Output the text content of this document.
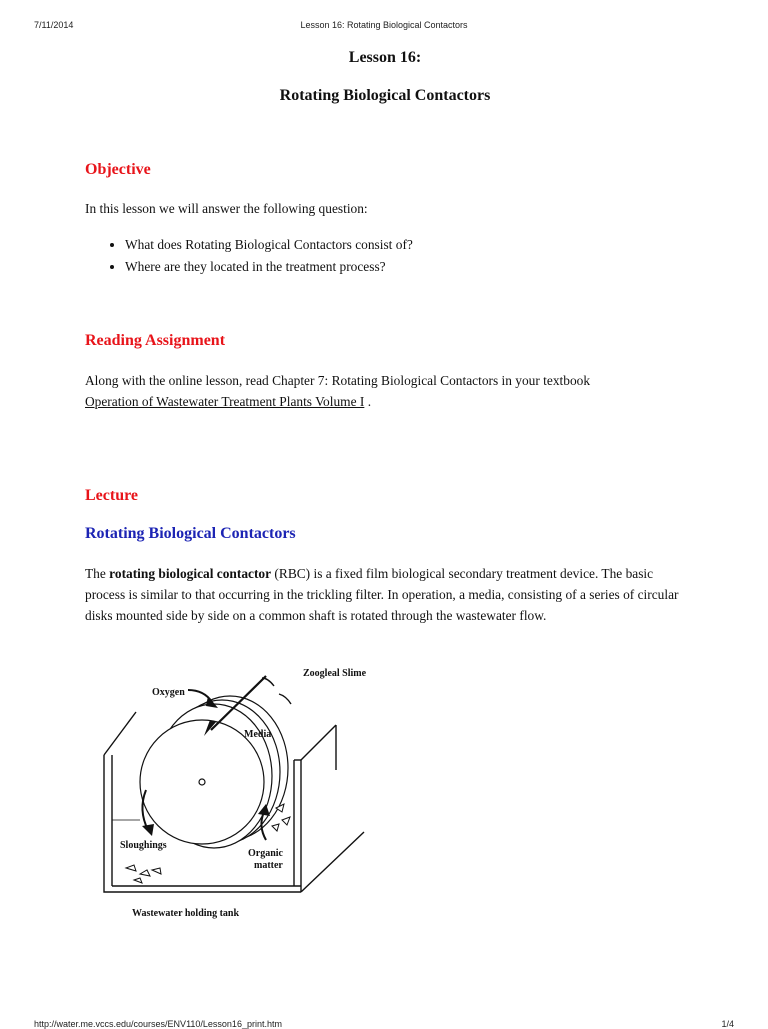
7/11/2014	Lesson 16: Rotating Biological Contactors
Lesson 16:
Rotating Biological Contactors
Objective
In this lesson we will answer the following question:
• What does Rotating Biological Contactors consist of?
• Where are they located in the treatment process?
Reading Assignment
Along with the online lesson, read Chapter 7: Rotating Biological Contactors in your textbook
Operation of Wastewater Treatment Plants Volume I .
Lecture
Rotating Biological Contactors
The rotating biological contactor (RBC) is a fixed film biological secondary treatment device. The basic process is similar to that occurring in the trickling filter. In operation, a media, consisting of a series of circular disks mounted side by side on a common shaft is rotated through the wastewater flow.
Zoogleal Slime
Oxygen
Media
Sloughings
Organic
matter
Wastewater holding tank
http://water.me.vccs.edu/courses/ENV110/Lesson16_print.htm	1/4
